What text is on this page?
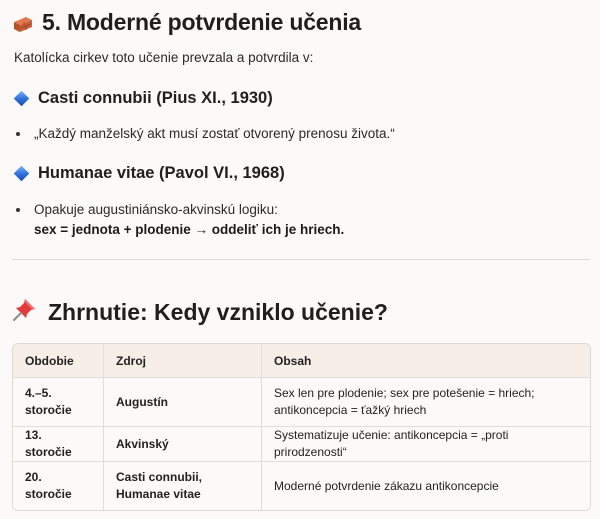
5. Moderné potvrdenie učenia
Katolícka cirkev toto učenie prevzala a potvrdila v:
Casti connubii (Pius XI., 1930)
„Každý manželský akt musí zostať otvorený prenosu života.“
Humanae vitae (Pavol VI., 1968)
Opakuje augustiniánsko-akvinskú logiku:
sex = jednota + plodenie → oddeliť ich je hriech.
Zhrnutie: Kedy vzniklo učenie?
Obdobie	Zdroj	Obsah
4.–5. storočie	Augustín	Sex len pre plodenie; sex pre potešenie = hriech; antikoncepcia = ťažký hriech
13. storočie	Akvinský	Systematizuje učenie: antikoncepcia = „proti prirodzenosti“
20. storočie	Casti connubii, Humanae vitae	Moderné potvrdenie zákazu antikoncepcie
